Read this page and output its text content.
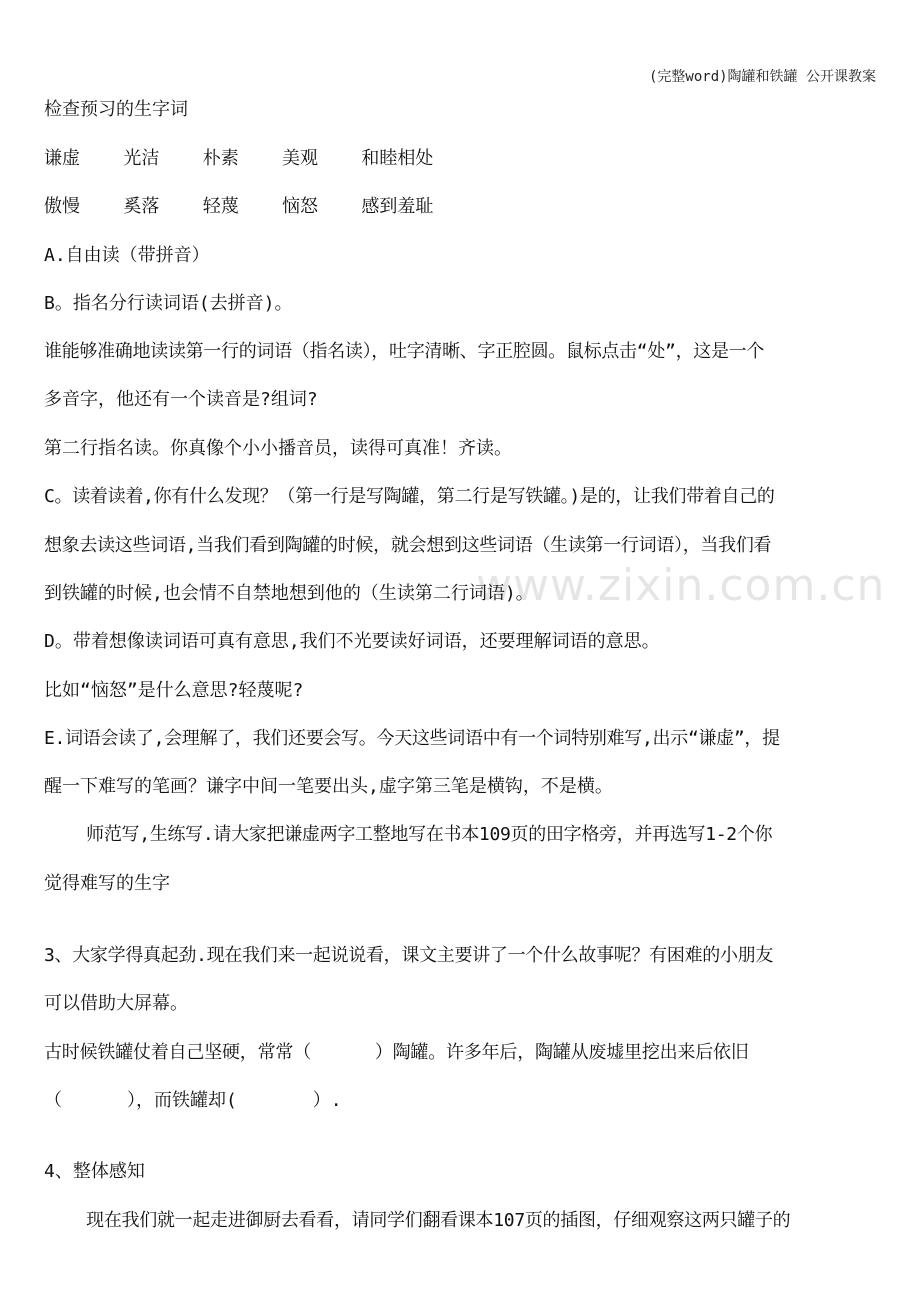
(完整word)陶罐和铁罐 公开课教案
www.zixin.com.cn
检查预习的生字词
谦虚    光洁    朴素    美观    和睦相处
傲慢    奚落    轻蔑    恼怒    感到羞耻
A.自由读（带拼音）
B。指名分行读词语(去拼音)。
谁能够准确地读读第一行的词语（指名读），吐字清晰、字正腔圆。鼠标点击“处”，这是一个
多音字，他还有一个读音是?组词?
第二行指名读。你真像个小小播音员，读得可真准！齐读。
C。读着读着,你有什么发现？（第一行是写陶罐，第二行是写铁罐。)是的，让我们带着自己的
想象去读这些词语,当我们看到陶罐的时候，就会想到这些词语（生读第一行词语），当我们看
到铁罐的时候,也会情不自禁地想到他的（生读第二行词语)。
D。带着想像读词语可真有意思,我们不光要读好词语，还要理解词语的意思。
比如“恼怒”是什么意思?轻蔑呢?
E.词语会读了,会理解了，我们还要会写。今天这些词语中有一个词特别难写,出示“谦虚”，提
醒一下难写的笔画？谦字中间一笔要出头,虚字第三笔是横钩，不是横。
师范写,生练写.请大家把谦虚两字工整地写在书本109页的田字格旁，并再选写1-2个你
觉得难写的生字
3、大家学得真起劲.现在我们来一起说说看，课文主要讲了一个什么故事呢？有困难的小朋友
可以借助大屏幕。
古时候铁罐仗着自己坚硬，常常（      ）陶罐。许多年后，陶罐从废墟里挖出来后依旧
（      ），而铁罐却(       ）.
4、整体感知
现在我们就一起走进御厨去看看，请同学们翻看课本107页的插图，仔细观察这两只罐子的
